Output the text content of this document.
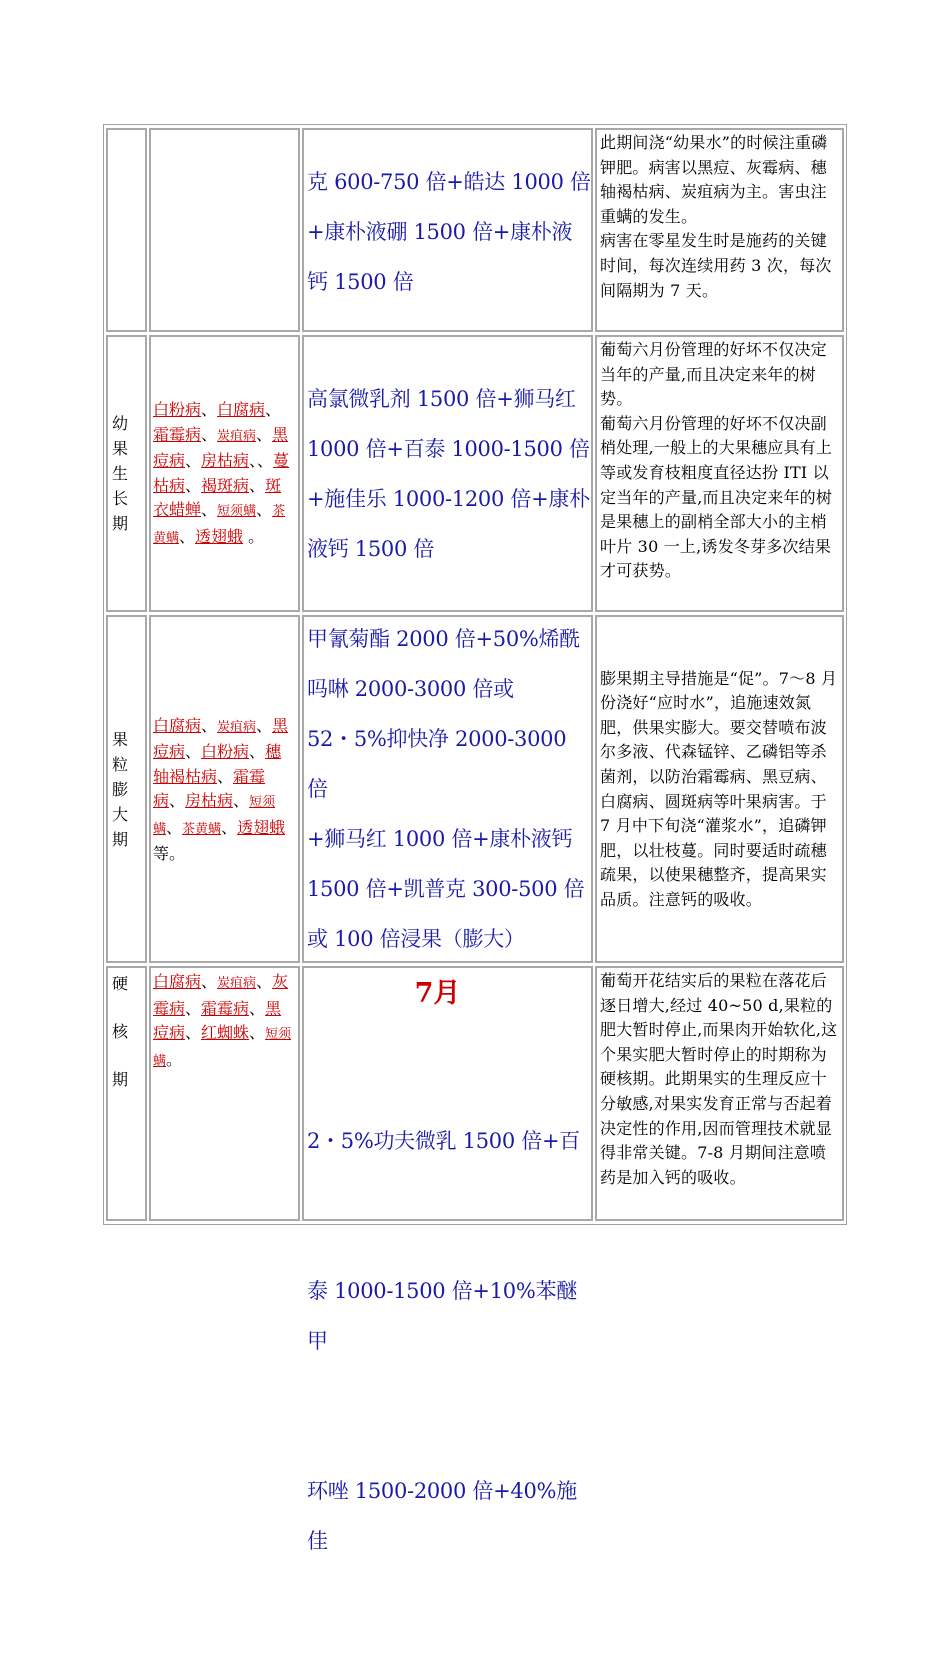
克 600-750 倍+皓达 1000 倍
+康朴液硼 1500 倍+康朴液
钙 1500 倍

此期间浇“幼果水”的时候注重磷钾肥。病害以黑痘、灰霉病、穗轴褐枯病、炭疽病为主。害虫注重螨的发生。

病害在零星发生时是施药的关键时间，每次连续用药 3 次，每次间隔期为 7 天。

幼果生长期
白粉病、白腐病、霜霉病、炭疽病、黑痘病、房枯病、、蔓枯病、褐斑病、斑衣蜡蝉、短须螨、茶黄螨、透翅蛾 。
高氯微乳剂 1500 倍+狮马红
1000 倍+百泰 1000-1500 倍
+施佳乐 1000-1200 倍+康朴
液钙 1500 倍

葡萄六月份管理的好坏不仅决定当年的产量,而且决定来年的树势。

葡萄六月份管理的好坏不仅决副梢处理,一般上的大果穗应具有上等或发育枝粗度直径达扮 ITI 以定当年的产量,而且决定来年的树是果穗上的副梢全部大小的主梢叶片 30 一上,诱发冬芽多次结果才可获势。

果粒膨大期
白腐病、炭疽病、黑痘病、白粉病、穗轴褐枯病、霜霉病、房枯病、短须螨、茶黄螨、透翅蛾等。
甲氰菊酯 2000 倍+50%烯酰
吗啉 2000-3000 倍或
52・5%抑快净 2000-3000 倍
+狮马红 1000 倍+康朴液钙
1500 倍+凯普克 300-500 倍
或 100 倍浸果（膨大）

膨果期主导措施是“促”。7～8 月份浇好“应时水”，追施速效氮肥，供果实膨大。要交替喷布波尔多液、代森锰锌、乙磷铝等杀菌剂，以防治霜霉病、黑豆病、白腐病、圆斑病等叶果病害。于 7 月中下旬浇“灌浆水”，追磷钾肥，以壮枝蔓。同时要适时疏穗疏果，以使果穗整齐，提高果实品质。注意钙的吸收。

硬核期
白腐病、炭疽病、灰霉病、霜霉病、黑痘病、红蜘蛛、短须螨。
7月

2・5%功夫微乳 1500 倍+百

泰 1000-1500 倍+10%苯醚甲

环唑 1500-2000 倍+40%施佳

葡萄开花结实后的果粒在落花后逐日增大,经过 40~50 d,果粒的肥大暂时停止,而果肉开始软化,这个果实肥大暂时停止的时期称为硬核期。此期果实的生理反应十分敏感,对果实发育正常与否起着决定性的作用,因而管理技术就显得非常关键。7-8 月期间注意喷药是加入钙的吸收。
